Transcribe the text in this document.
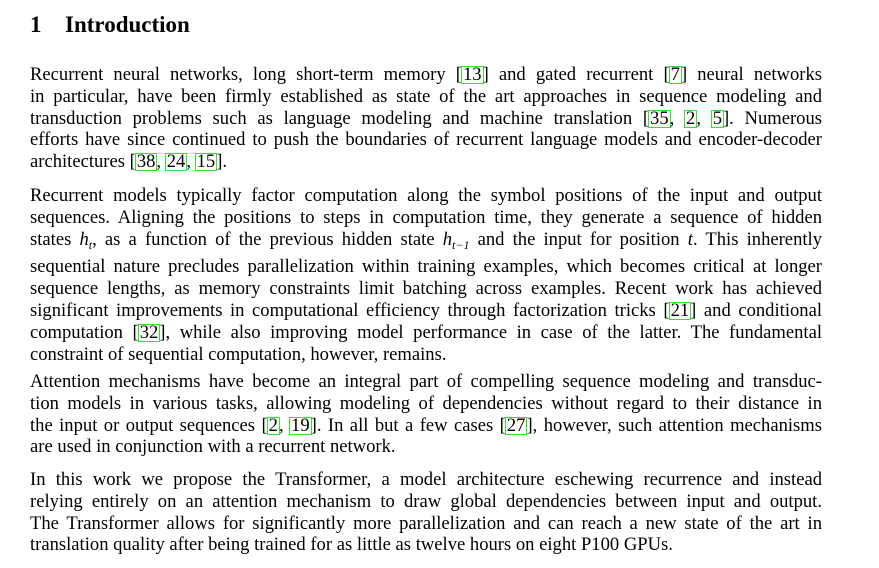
1 Introduction
Recurrent neural networks, long short-term memory [13] and gated recurrent [7] neural networks
in particular, have been firmly established as state of the art approaches in sequence modeling and
transduction problems such as language modeling and machine translation [35, 2, 5]. Numerous
efforts have since continued to push the boundaries of recurrent language models and encoder-decoder
architectures [38, 24, 15].
Recurrent models typically factor computation along the symbol positions of the input and output
sequences. Aligning the positions to steps in computation time, they generate a sequence of hidden
states $h_t$, as a function of the previous hidden state $h_{t-1}$ and the input for position t. This inherently
sequential nature precludes parallelization within training examples, which becomes critical at longer
sequence lengths, as memory constraints limit batching across examples. Recent work has achieved
significant improvements in computational efficiency through factorization tricks [21] and conditional
computation [32], while also improving model performance in case of the latter. The fundamental
constraint of sequential computation, however, remains.
Attention mechanisms have become an integral part of compelling sequence modeling and transduc-
tion models in various tasks, allowing modeling of dependencies without regard to their distance in
the input or output sequences [2, 19]. In all but a few cases [27], however, such attention mechanisms
are used in conjunction with a recurrent network.
In this work we propose the Transformer, a model architecture eschewing recurrence and instead
relying entirely on an attention mechanism to draw global dependencies between input and output.
The Transformer allows for significantly more parallelization and can reach a new state of the art in
translation quality after being trained for as little as twelve hours on eight P100 GPUs.
